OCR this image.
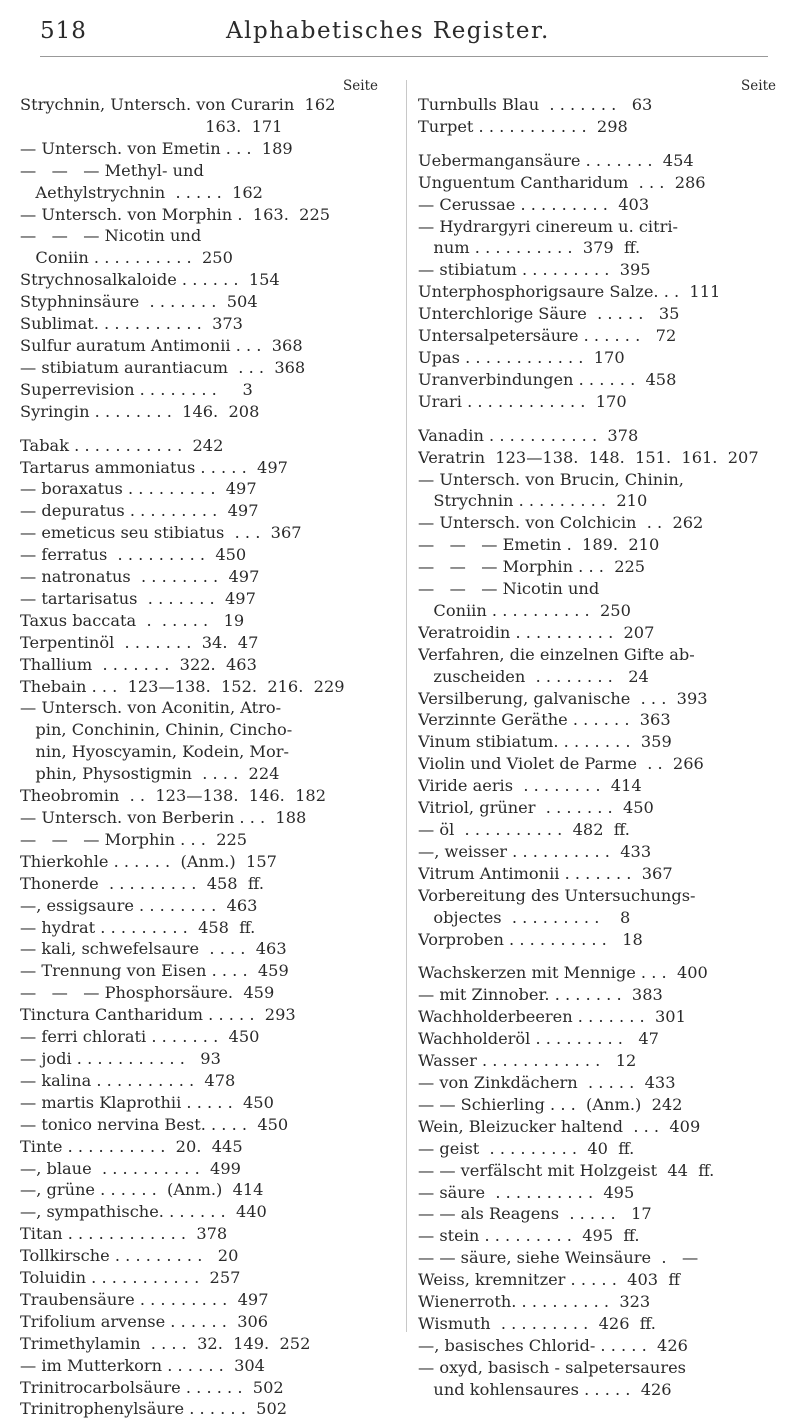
518	Alphabetisches Register.
Seite
Strychnin, Untersch. von Curarin  162
163.  171
— Untersch. von Emetin . . .  189
—   —   — Methyl- und
Aethylstrychnin  . . . . .  162
— Untersch. von Morphin .  163.  225
—   —   — Nicotin und
Coniin . . . . . . . . . .  250
Strychnosalkaloide . . . . . .  154
Styphninsäure  . . . . . . .  504
Sublimat. . . . . . . . . . .  373
Sulfur auratum Antimonii . . .  368
— stibiatum aurantiacum  . . .  368
Superrevision . . . . . . . .     3
Syringin . . . . . . . .  146.  208
Tabak . . . . . . . . . . .  242
Tartarus ammoniatus . . . . .  497
— boraxatus . . . . . . . . .  497
— depuratus . . . . . . . . .  497
— emeticus seu stibiatus  . . .  367
— ferratus  . . . . . . . . .  450
— natronatus  . . . . . . . .  497
— tartarisatus  . . . . . . .  497
Taxus baccata  .  . . . . .   19
Terpentinöl  . . . . . . .  34.  47
Thallium  . . . . . . .  322.  463
Thebain . . .  123—138.  152.  216.  229
— Untersch. von Aconitin, Atro-
pin, Conchinin, Chinin, Cincho-
nin, Hyoscyamin, Kodein, Mor-
phin, Physostigmin  . . . .  224
Theobromin  . .  123—138.  146.  182
— Untersch. von Berberin . . .  188
—   —   — Morphin . . .  225
Thierkohle . . . . . .  (Anm.)  157
Thonerde  . . . . . . . . .  458  ff.
—, essigsaure . . . . . . . .  463
— hydrat . . . . . . . . .  458  ff.
— kali, schwefelsaure  . . . .  463
— Trennung von Eisen . . . .  459
—   —   — Phosphorsäure.  459
Tinctura Cantharidum . . . . .  293
— ferri chlorati . . . . . . .  450
— jodi . . . . . . . . . . .   93
— kalina . . . . . . . . . .  478
— martis Klaprothii . . . . .  450
— tonico nervina Best. . . . .  450
Tinte . . . . . . . . . .  20.  445
—, blaue  . . . . . . . . . .  499
—, grüne . . . . . .  (Anm.)  414
—, sympathische. . . . . . .  440
Titan . . . . . . . . . . . .  378
Tollkirsche . . . . . . . . .   20
Toluidin . . . . . . . . . . .  257
Traubensäure . . . . . . . . .  497
Trifolium arvense . . . . . .  306
Trimethylamin  . . . .  32.  149.  252
— im Mutterkorn . . . . . .  304
Trinitrocarbolsäure . . . . . .  502
Trinitrophenylsäure . . . . . .  502
Seite
Turnbulls Blau  . . . . . . .   63
Turpet . . . . . . . . . . .  298
Uebermangansäure . . . . . . .  454
Unguentum Cantharidum  . . .  286
— Cerussae . . . . . . . . .  403
— Hydrargyri cinereum u. citri-
num . . . . . . . . . .  379  ff.
— stibiatum . . . . . . . . .  395
Unterphosphorigsaure Salze. . .  111
Unterchlorige Säure  . . . . .   35
Untersalpetersäure . . . . . .   72
Upas . . . . . . . . . . . .  170
Uranverbindungen . . . . . .  458
Urari . . . . . . . . . . . .  170
Vanadin . . . . . . . . . . .  378
Veratrin  123—138.  148.  151.  161.  207
— Untersch. von Brucin, Chinin,
Strychnin . . . . . . . . .  210
— Untersch. von Colchicin  . .  262
—   —   — Emetin .  189.  210
—   —   — Morphin . . .  225
—   —   — Nicotin und
Coniin . . . . . . . . . .  250
Veratroidin . . . . . . . . . .  207
Verfahren, die einzelnen Gifte ab-
zuscheiden  . . . . . . . .   24
Versilberung, galvanische  . . .  393
Verzinnte Geräthe . . . . . .  363
Vinum stibiatum. . . . . . . .  359
Violin und Violet de Parme  . .  266
Viride aeris  . . . . . . . .  414
Vitriol, grüner  . . . . . . .  450
— öl  . . . . . . . . . .  482  ff.
—, weisser . . . . . . . . . .  433
Vitrum Antimonii . . . . . . .  367
Vorbereitung des Untersuchungs-
objectes  . . . . . . . . .    8
Vorproben . . . . . . . . . .   18
Wachskerzen mit Mennige . . .  400
— mit Zinnober. . . . . . . .  383
Wachholderbeeren . . . . . . .  301
Wachholderöl . . . . . . . . .   47
Wasser . . . . . . . . . . . .   12
— von Zinkdächern  . . . . .  433
— — Schierling . . .  (Anm.)  242
Wein, Bleizucker haltend  . . .  409
— geist  . . . . . . . . .  40  ff.
— — verfälscht mit Holzgeist  44  ff.
— säure  . . . . . . . . . .  495
— — als Reagens  . . . . .   17
— stein . . . . . . . . .  495  ff.
— — säure, siehe Weinsäure  .   —
Weiss, kremnitzer . . . . .  403  ff
Wienerroth. . . . . . . . . .  323
Wismuth  . . . . . . . . .  426  ff.
—, basisches Chlorid- . . . . .  426
— oxyd, basisch - salpetersaures
und kohlensaures . . . . .  426
